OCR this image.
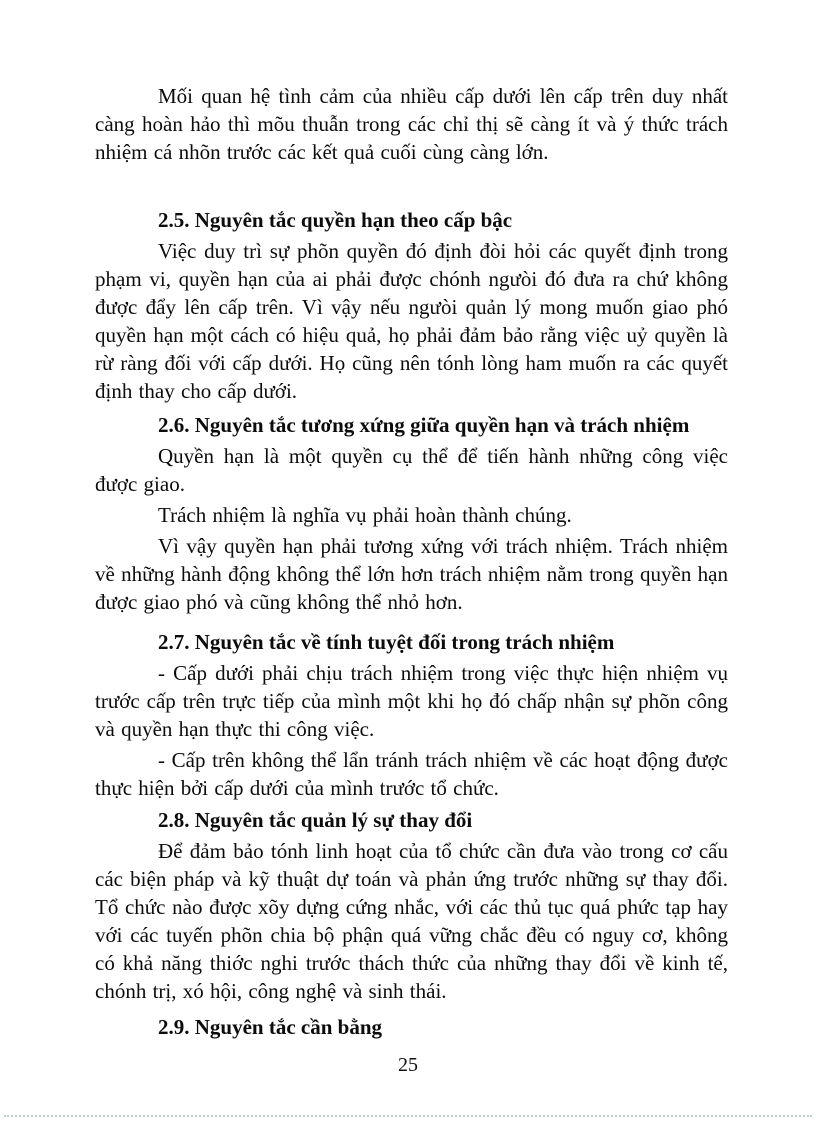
Mối quan hệ tình cảm của nhiều cấp dưới lên cấp trên duy nhất càng hoàn hảo thì mõu thuẫn trong các chỉ thị sẽ càng ít và ý thức trách nhiệm cá nhõn trước các kết quả cuối cùng càng lớn.

2.5. Nguyên tắc quyền hạn theo cấp bậc

Việc duy trì sự phõn quyền đó định đòi hỏi các quyết định trong phạm vi, quyền hạn của ai phải được chónh ngưòi đó đưa ra chứ không được đẩy lên cấp trên. Vì vậy nếu ngưòi quản lý mong muốn giao phó quyền hạn một cách có hiệu quả, họ phải đảm bảo rằng việc uỷ quyền là rừ ràng đối với cấp dưới. Họ cũng nên tónh lòng ham muốn ra các quyết định thay cho cấp dưới.

2.6. Nguyên tắc tương xứng giữa quyền hạn và trách nhiệm

Quyền hạn là một quyền cụ thể để tiến hành những công việc được giao.

Trách nhiệm là nghĩa vụ phải hoàn thành chúng.

Vì vậy quyền hạn phải tương xứng với trách nhiệm. Trách nhiệm về những hành động không thể lớn hơn trách nhiệm nằm trong quyền hạn được giao phó và cũng không thể nhỏ hơn.

2.7. Nguyên tắc về tính tuyệt đối trong trách nhiệm

- Cấp dưới phải chịu trách nhiệm trong việc thực hiện nhiệm vụ trước cấp trên trực tiếp của mình một khi họ đó chấp nhận sự phõn công và quyền hạn thực thi công việc.

- Cấp trên không thể lẩn tránh trách nhiệm về các hoạt động được thực hiện bởi cấp dưới của mình trước tổ chức.

2.8. Nguyên tắc quản lý sự thay đổi

Để đảm bảo tónh linh hoạt của tổ chức cần đưa vào trong cơ cấu các biện pháp và kỹ thuật dự toán và phản ứng trước những sự thay đổi. Tổ chức nào được xõy dựng cứng nhắc, với các thủ tục quá phức tạp hay với các tuyến phõn chia bộ phận quá vững chắc đều có nguy cơ, không có khả năng thiớc nghi trước thách thức của những thay đổi về kinh tế, chónh trị, xó hội, công nghệ và sinh thái.

2.9. Nguyên tắc cần bằng

25
